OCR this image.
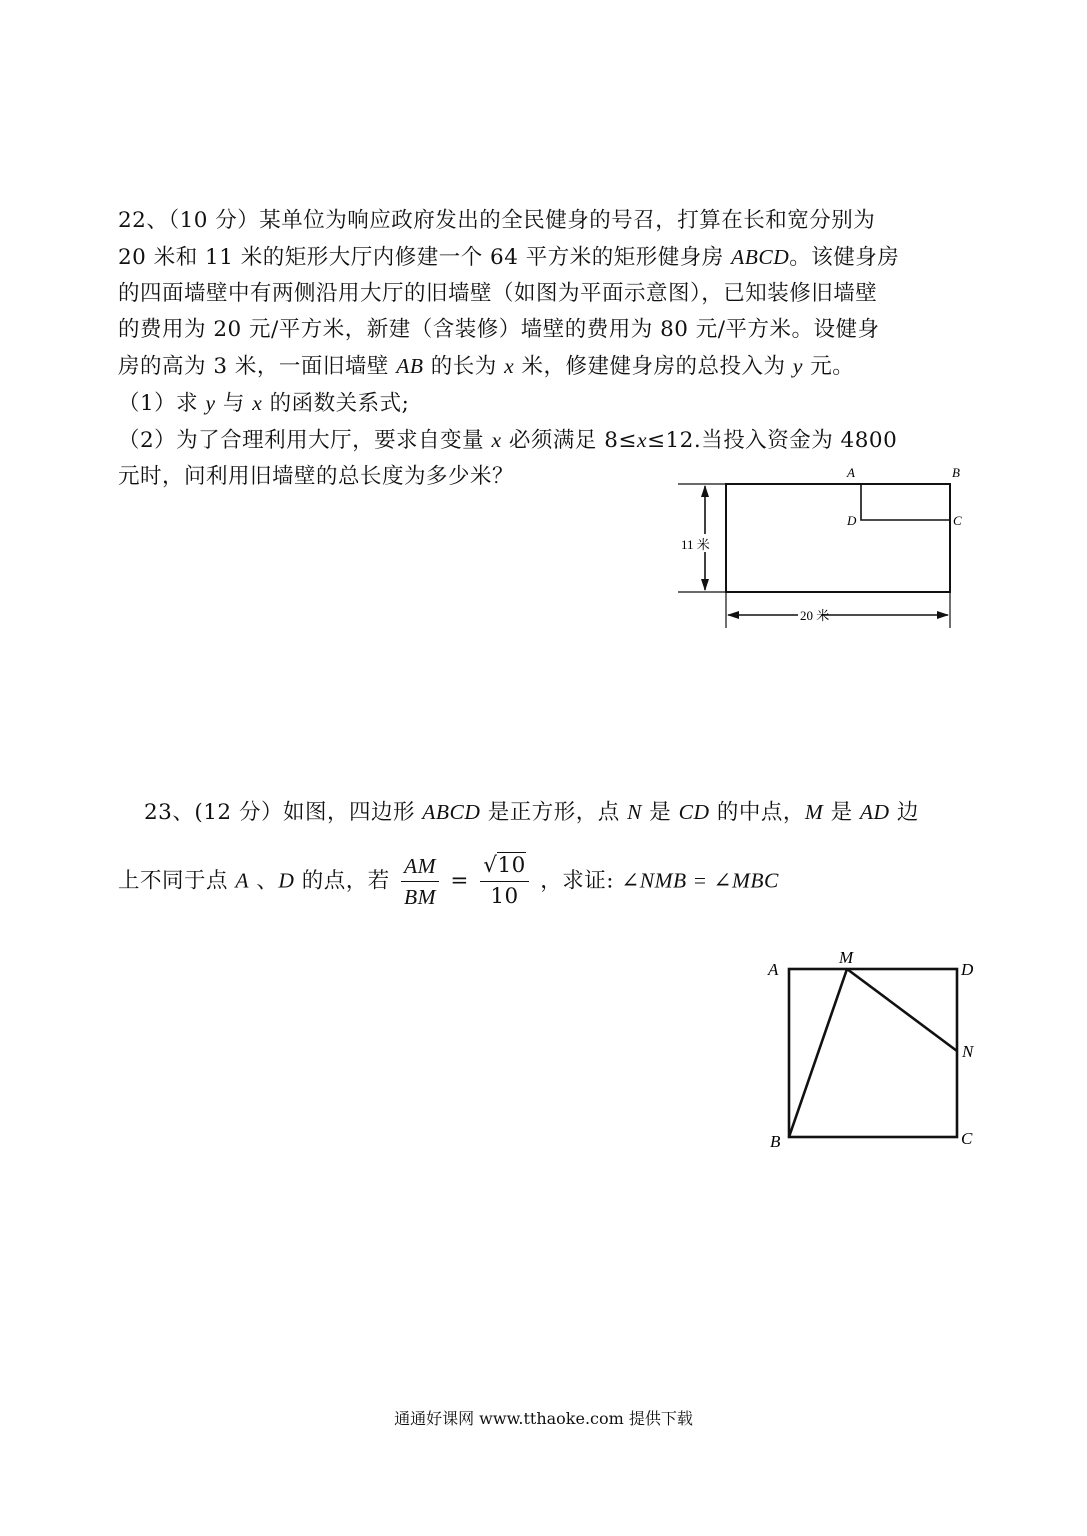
22、（10 分）某单位为响应政府发出的全民健身的号召，打算在长和宽分别为

20 米和 11 米的矩形大厅内修建一个 64 平方米的矩形健身房 ABCD。该健身房

的四面墙壁中有两侧沿用大厅的旧墙壁（如图为平面示意图），已知装修旧墙壁

的费用为 20 元/平方米，新建（含装修）墙壁的费用为 80 元/平方米。设健身

房的高为 3 米，一面旧墙壁 AB 的长为 x 米，修建健身房的总投入为 y 元。

（1）求 y 与 x 的函数关系式;

（2）为了合理利用大厅，要求自变量 x 必须满足 8≤x≤12.当投入资金为 4800

元时，问利用旧墙壁的总长度为多少米？

11 米
20 米
A	B
D	C

23、(12 分）如图，四边形 ABCD 是正方形，点 N 是 CD 的中点，M 是 AD 边

上不同于点 A 、D 的点，若 $\frac{AM}{BM} = \frac{√10}{10}$ ，求证: ∠NMB = ∠MBC

A
M
D
N
B	C
通通好课网 www.tthaoke.com 提供下载
